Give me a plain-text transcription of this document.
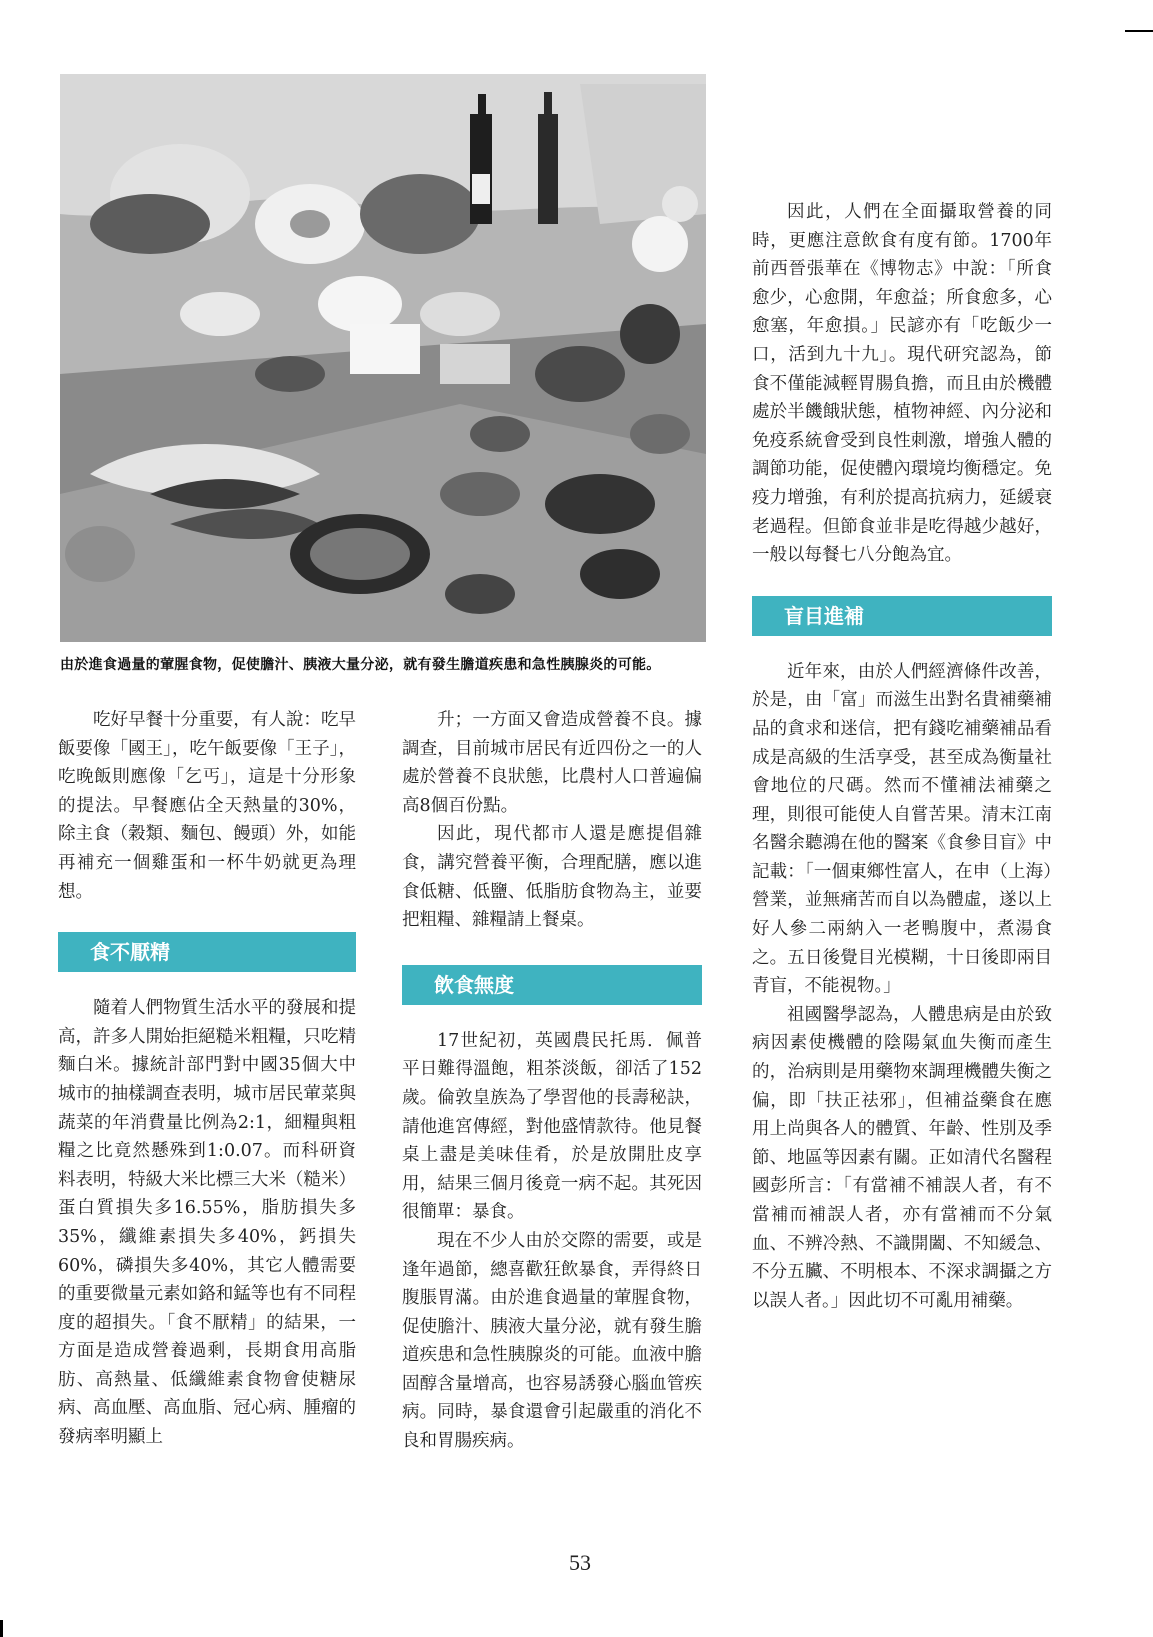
由於進食過量的葷腥食物，促使膽汁、胰液大量分泌，就有發生膽道疾患和急性胰腺炎的可能。

吃好早餐十分重要，有人說：吃早飯要像「國王」，吃午飯要像「王子」，吃晚飯則應像「乞丐」，這是十分形象的提法。早餐應佔全天熱量的30%，除主食（穀類、麵包、饅頭）外，如能再補充一個雞蛋和一杯牛奶就更為理想。

食不厭精

隨着人們物質生活水平的發展和提高，許多人開始拒絕糙米粗糧，只吃精麵白米。據統計部門對中國35個大中城市的抽樣調查表明，城市居民葷菜與蔬菜的年消費量比例為2:1，細糧與粗糧之比竟然懸殊到1:0.07。而科研資料表明，特級大米比標三大米（糙米）蛋白質損失多16.55%，脂肪損失多35%，纖維素損失多40%，鈣損失60%，磷損失多40%，其它人體需要的重要微量元素如鉻和錳等也有不同程度的超損失。「食不厭精」的結果，一方面是造成營養過剩，長期食用高脂肪、高熱量、低纖維素食物會使糖尿病、高血壓、高血脂、冠心病、腫瘤的發病率明顯上

升；一方面又會造成營養不良。據調查，目前城市居民有近四份之一的人處於營養不良狀態，比農村人口普遍偏高8個百份點。

因此，現代都市人還是應提倡雜食，講究營養平衡，合理配膳，應以進食低糖、低鹽、低脂肪食物為主，並要把粗糧、雜糧請上餐桌。

飲食無度

17世紀初，英國農民托馬．佩普平日難得溫飽，粗茶淡飯，卻活了152歲。倫敦皇族為了學習他的長壽秘訣，請他進宮傳經，對他盛情款待。他見餐桌上盡是美味佳肴，於是放開肚皮享用，結果三個月後竟一病不起。其死因很簡單：暴食。

現在不少人由於交際的需要，或是逢年過節，總喜歡狂飲暴食，弄得終日腹脹胃滿。由於進食過量的葷腥食物，促使膽汁、胰液大量分泌，就有發生膽道疾患和急性胰腺炎的可能。血液中膽固醇含量增高，也容易誘發心腦血管疾病。同時，暴食還會引起嚴重的消化不良和胃腸疾病。

因此，人們在全面攝取營養的同時，更應注意飲食有度有節。1700年前西晉張華在《博物志》中說：「所食愈少，心愈開，年愈益；所食愈多，心愈塞，年愈損。」民諺亦有「吃飯少一口，活到九十九」。現代研究認為，節食不僅能減輕胃腸負擔，而且由於機體處於半饑餓狀態，植物神經、內分泌和免疫系統會受到良性刺激，增強人體的調節功能，促使體內環境均衡穩定。免疫力增強，有利於提高抗病力，延緩衰老過程。但節食並非是吃得越少越好，一般以每餐七八分飽為宜。

盲目進補

近年來，由於人們經濟條件改善，於是，由「富」而滋生出對名貴補藥補品的貪求和迷信，把有錢吃補藥補品看成是高級的生活享受，甚至成為衡量社會地位的尺碼。然而不懂補法補藥之理，則很可能使人自嘗苦果。清末江南名醫余聽鴻在他的醫案《食參目盲》中記載：「一個東鄉性富人，在申（上海）營業，並無痛苦而自以為體虛，遂以上好人參二兩納入一老鴨腹中，煮湯食之。五日後覺目光模糊，十日後即兩目青盲，不能視物。」

祖國醫學認為，人體患病是由於致病因素使機體的陰陽氣血失衡而產生的，治病則是用藥物來調理機體失衡之偏，即「扶正祛邪」，但補益藥食在應用上尚與各人的體質、年齡、性別及季節、地區等因素有關。正如清代名醫程國彭所言：「有當補不補誤人者，有不當補而補誤人者，亦有當補而不分氣血、不辨冷熱、不識開闔、不知緩急、不分五臟、不明根本、不深求調攝之方以誤人者。」因此切不可亂用補藥。

53
